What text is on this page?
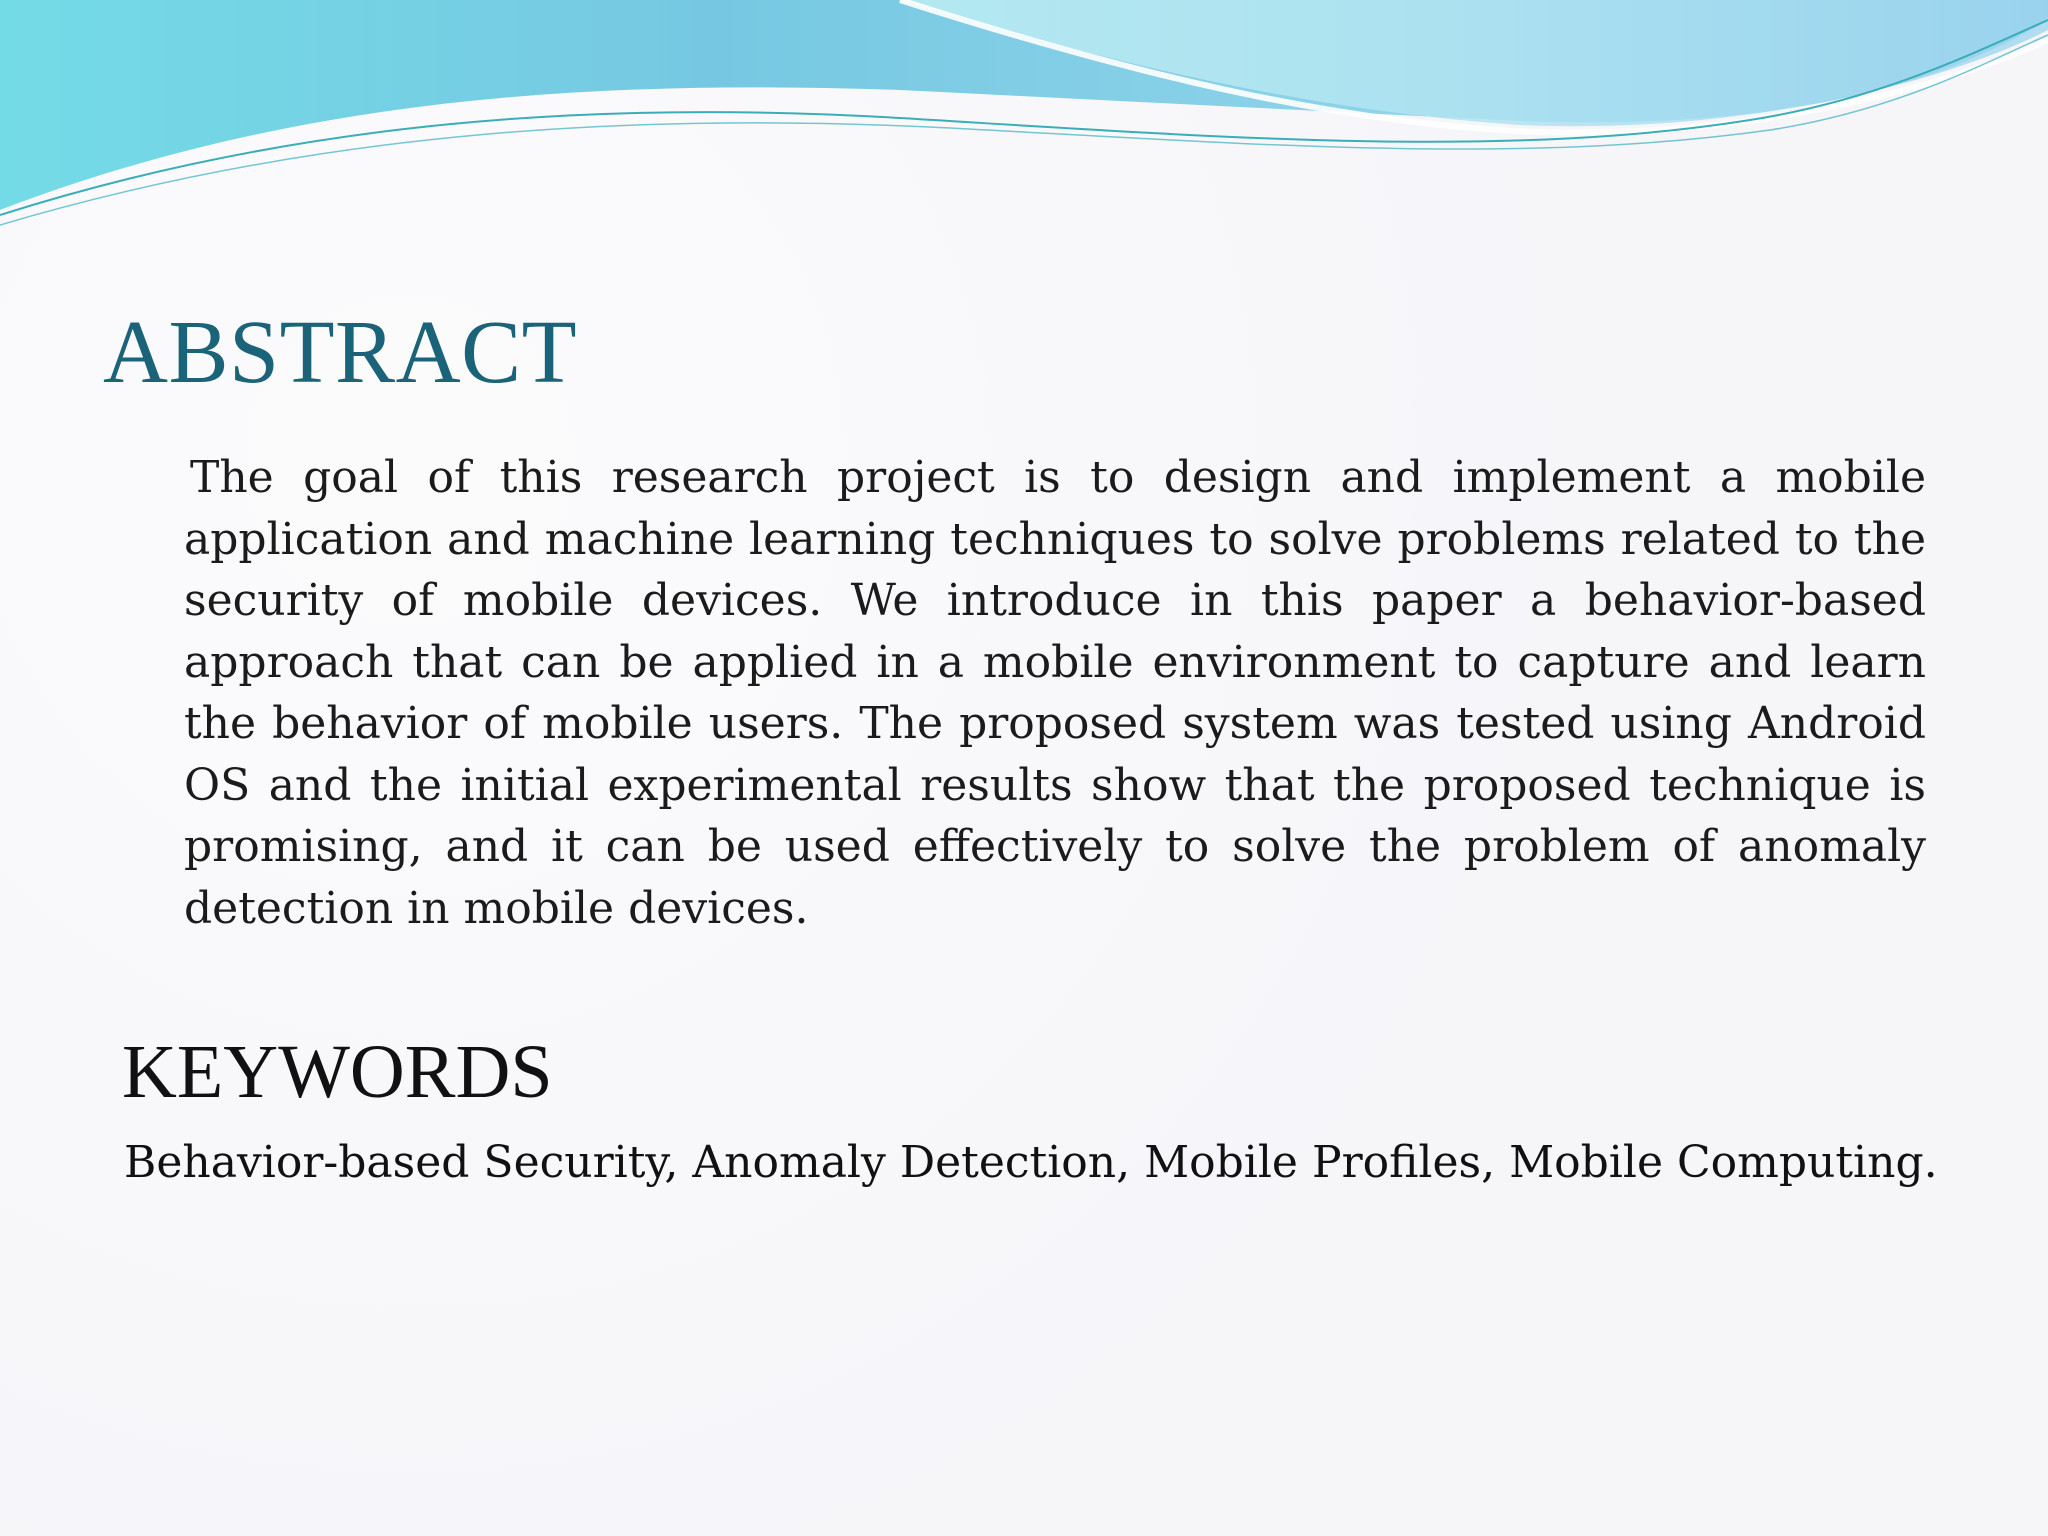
ABSTRACT

The goal of this research project is to design and implement a mobile application and machine learning techniques to solve problems related to the security of mobile devices. We introduce in this paper a behavior-based approach that can be applied in a mobile environment to capture and learn the behavior of mobile users. The proposed system was tested using Android OS and the initial experimental results show that the proposed technique is promising, and it can be used effectively to solve the problem of anomaly detection in mobile devices.

KEYWORDS

Behavior-based Security, Anomaly Detection, Mobile Profiles, Mobile Computing.
